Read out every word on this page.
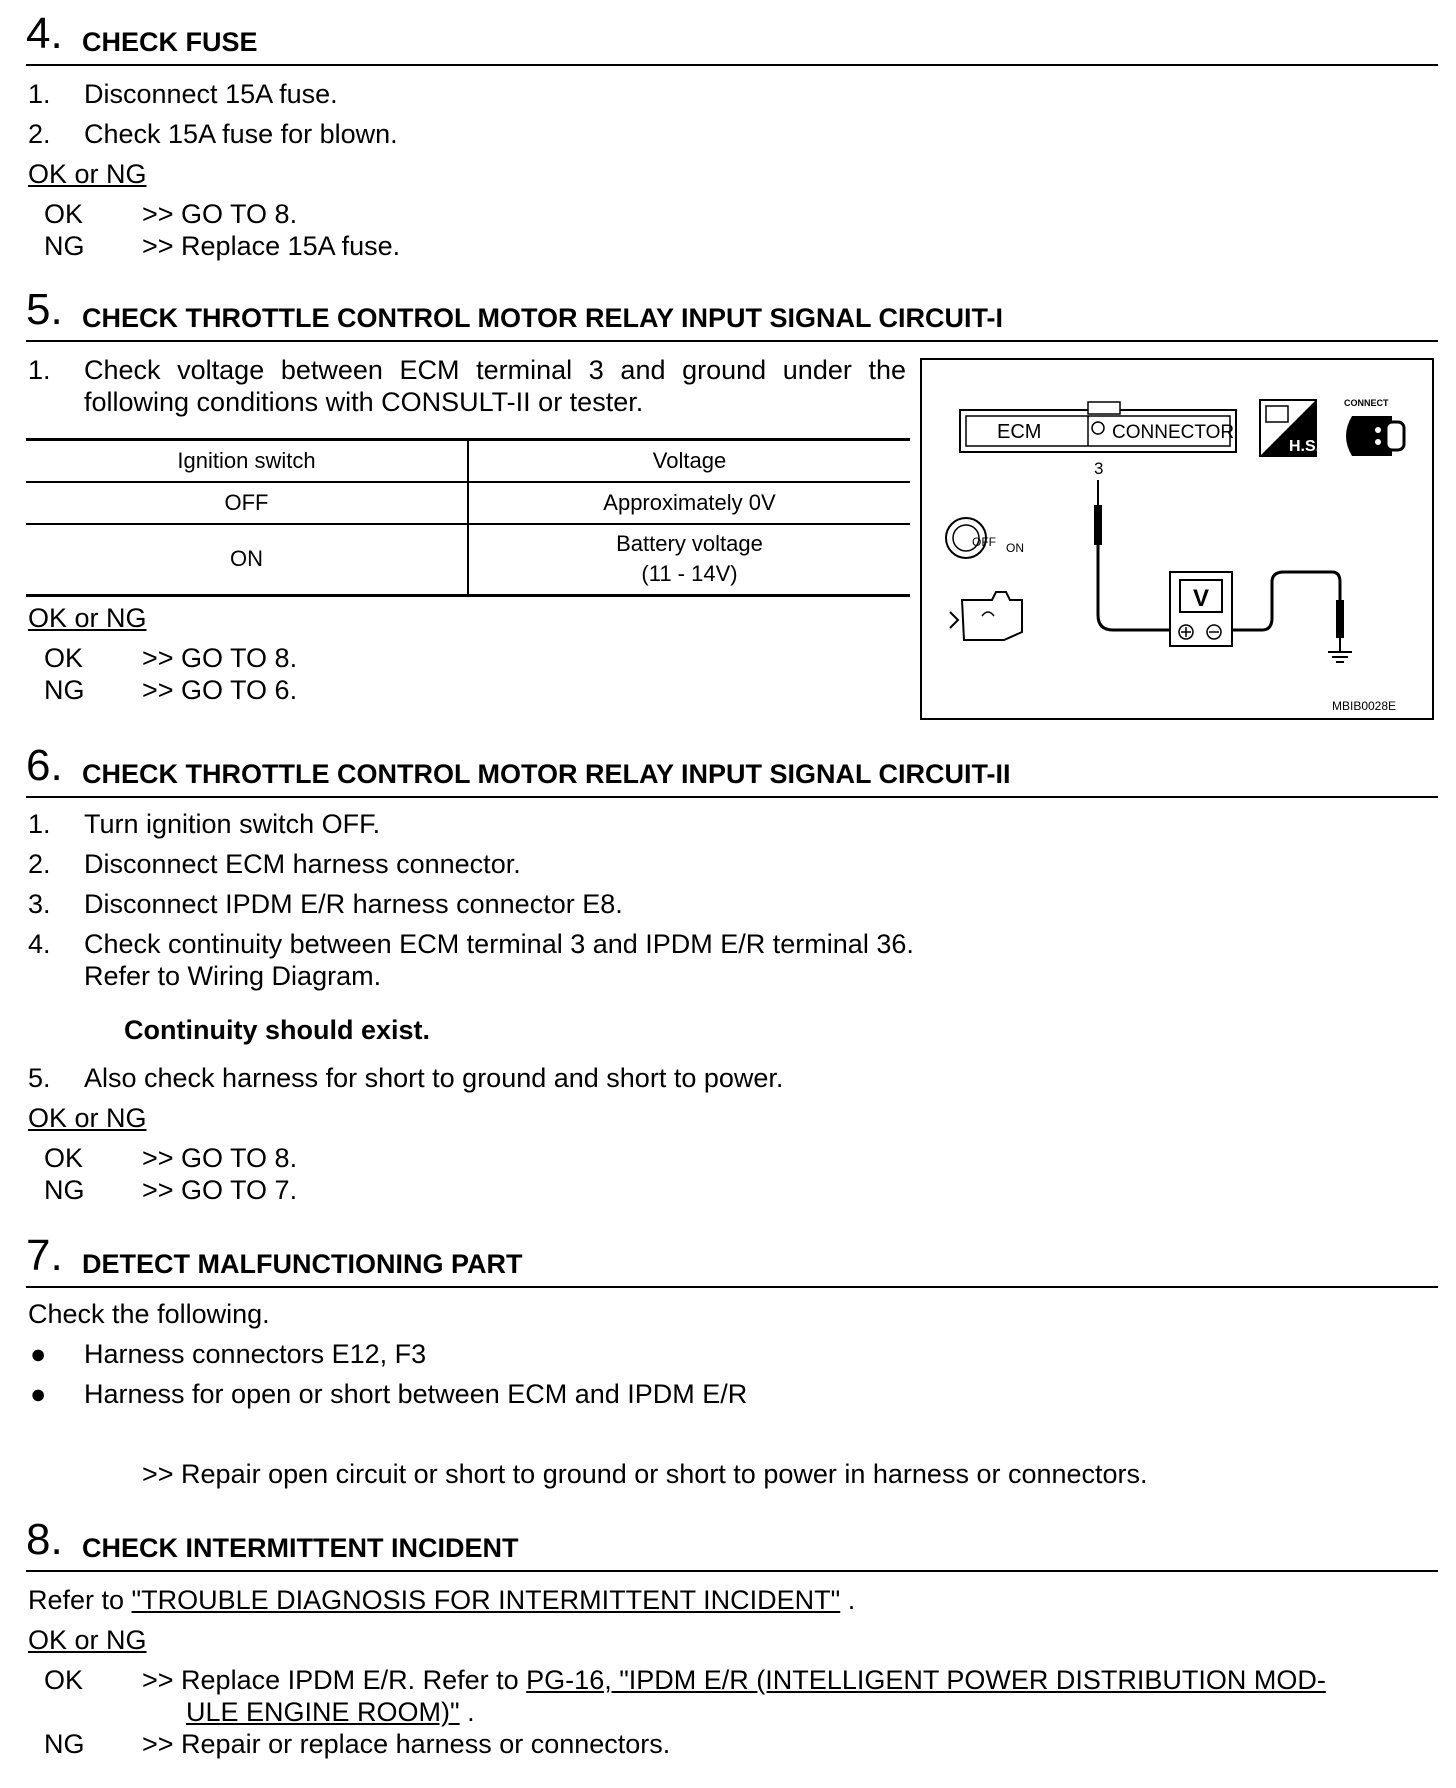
4. CHECK FUSE
1. Disconnect 15A fuse.
2. Check 15A fuse for blown.
OK or NG
OK >> GO TO 8.
NG >> Replace 15A fuse.
5. CHECK THROTTLE CONTROL MOTOR RELAY INPUT SIGNAL CIRCUIT-I
1. Check voltage between ECM terminal 3 and ground under the
following conditions with CONSULT-II or tester.
Ignition switch	Voltage
OFF	Approximately 0V
ON	Battery voltage
(11 - 14V)
OK or NG
OK >> GO TO 8.
NG >> GO TO 6.
ECM	CONNECTOR
3
V
H.S.
CONNECT
OFF ON
MBIB0028E
6. CHECK THROTTLE CONTROL MOTOR RELAY INPUT SIGNAL CIRCUIT-II
1. Turn ignition switch OFF.
2. Disconnect ECM harness connector.
3. Disconnect IPDM E/R harness connector E8.
4. Check continuity between ECM terminal 3 and IPDM E/R terminal 36.
Refer to Wiring Diagram.
Continuity should exist.
5. Also check harness for short to ground and short to power.
OK or NG
OK >> GO TO 8.
NG >> GO TO 7.
7. DETECT MALFUNCTIONING PART
Check the following.
● Harness connectors E12, F3
● Harness for open or short between ECM and IPDM E/R
>> Repair open circuit or short to ground or short to power in harness or connectors.
8. CHECK INTERMITTENT INCIDENT
Refer to "TROUBLE DIAGNOSIS FOR INTERMITTENT INCIDENT" .
OK or NG
OK >> Replace IPDM E/R. Refer to PG-16, "IPDM E/R (INTELLIGENT POWER DISTRIBUTION MOD-
ULE ENGINE ROOM)" .
NG >> Repair or replace harness or connectors.
